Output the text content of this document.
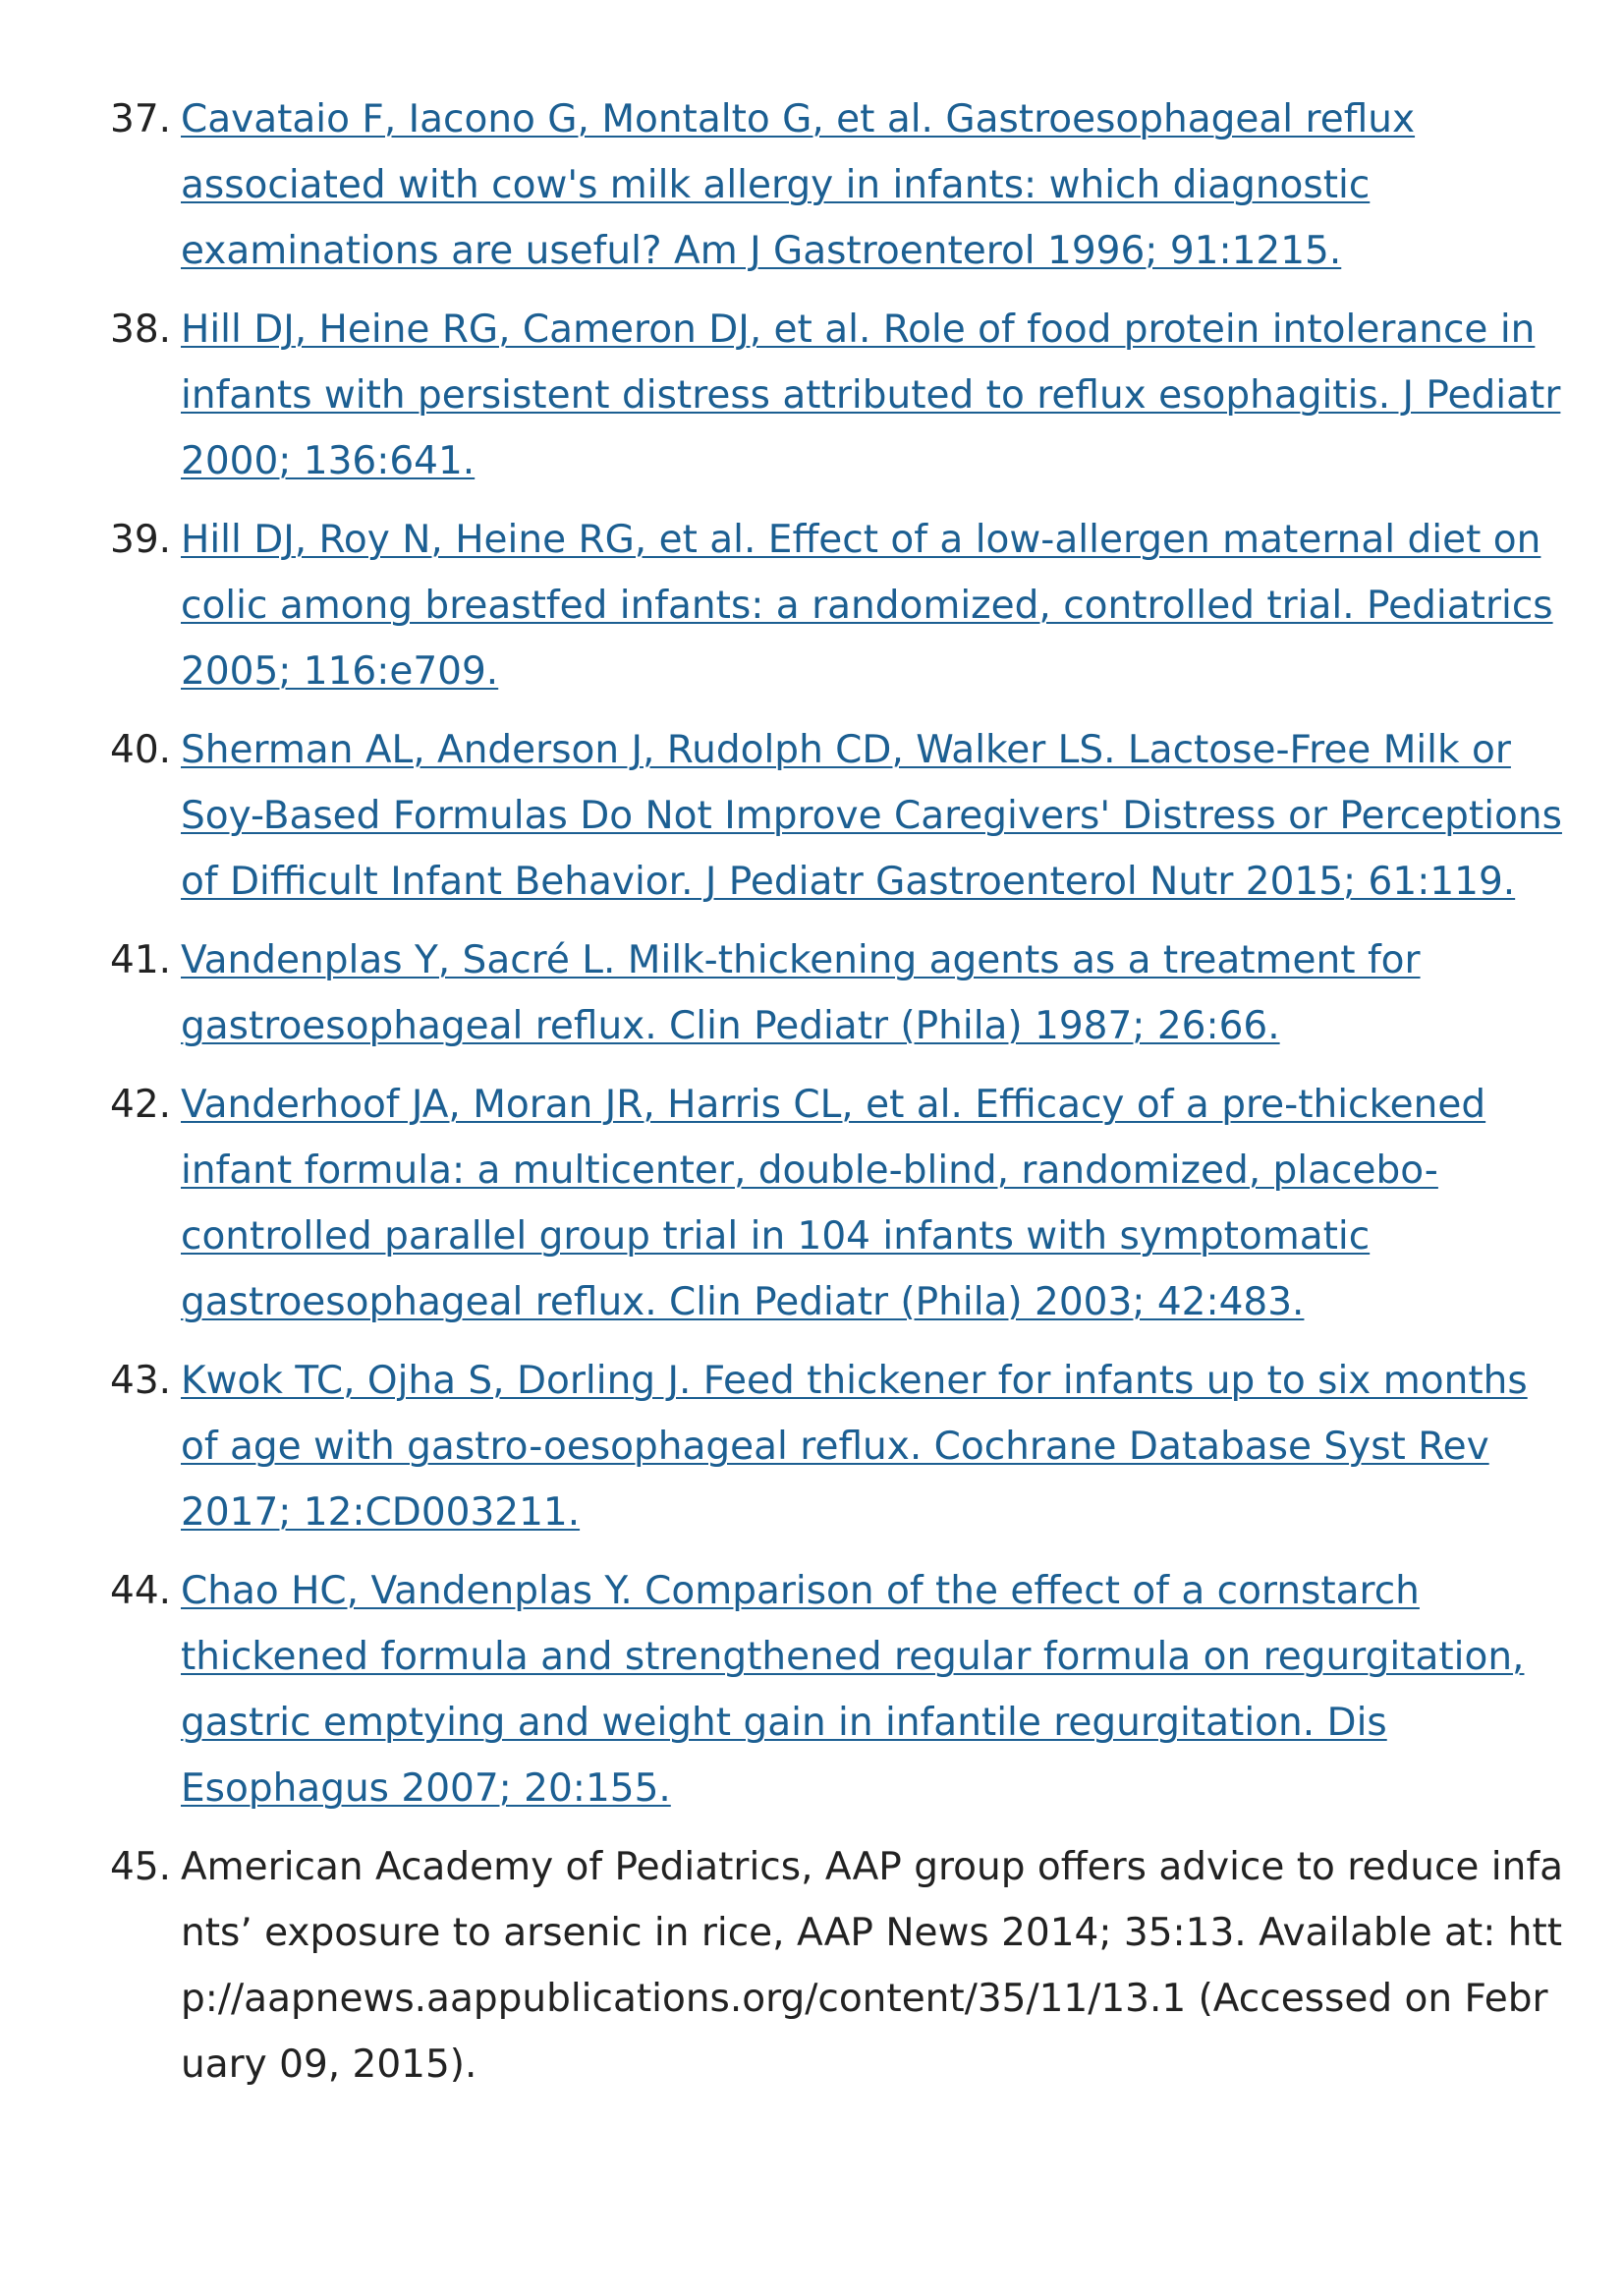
37. Cavataio F, Iacono G, Montalto G, et al. Gastroesophageal reflux associated with cow's milk allergy in infants: which diagnostic examinations are useful? Am J Gastroenterol 1996; 91:1215.

38. Hill DJ, Heine RG, Cameron DJ, et al. Role of food protein intolerance in infants with persistent distress attributed to reflux esophagitis. J Pediatr 2000; 136:641.

39. Hill DJ, Roy N, Heine RG, et al. Effect of a low-allergen maternal diet on colic among breastfed infants: a randomized, controlled trial. Pediatrics 2005; 116:e709.

40. Sherman AL, Anderson J, Rudolph CD, Walker LS. Lactose-Free Milk or Soy-Based Formulas Do Not Improve Caregivers' Distress or Perceptions of Difficult Infant Behavior. J Pediatr Gastroenterol Nutr 2015; 61:119.

41. Vandenplas Y, Sacré L. Milk-thickening agents as a treatment for gastroesophageal reflux. Clin Pediatr (Phila) 1987; 26:66.

42. Vanderhoof JA, Moran JR, Harris CL, et al. Efficacy of a pre-thickened infant formula: a multicenter, double-blind, randomized, placebo-controlled parallel group trial in 104 infants with symptomatic gastroesophageal reflux. Clin Pediatr (Phila) 2003; 42:483.

43. Kwok TC, Ojha S, Dorling J. Feed thickener for infants up to six months of age with gastro-oesophageal reflux. Cochrane Database Syst Rev 2017; 12:CD003211.

44. Chao HC, Vandenplas Y. Comparison of the effect of a cornstarch thickened formula and strengthened regular formula on regurgitation, gastric emptying and weight gain in infantile regurgitation. Dis Esophagus 2007; 20:155.

45. American Academy of Pediatrics, AAP group offers advice to reduce infants’ exposure to arsenic in rice, AAP News 2014; 35:13. Available at: http://aapnews.aappublications.org/content/35/11/13.1 (Accessed on February 09, 2015).
